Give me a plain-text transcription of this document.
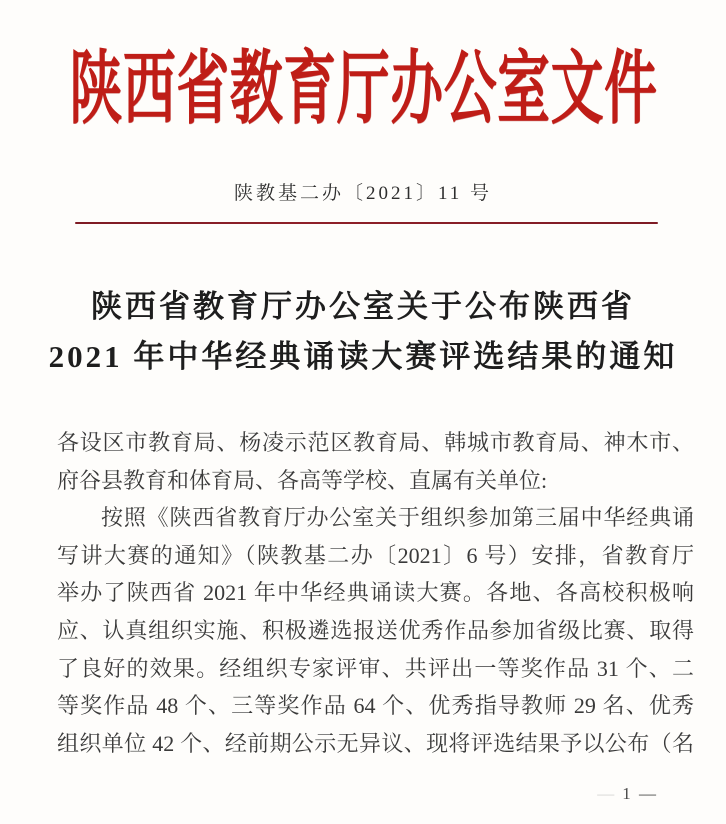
陕西省教育厅办公室文件
陕教基二办〔2021〕11 号
陕西省教育厅办公室关于公布陕西省
2021 年中华经典诵读大赛评选结果的通知
各设区市教育局、杨凌示范区教育局、韩城市教育局、神木市、
府谷县教育和体育局、各高等学校、直属有关单位:
按照《陕西省教育厅办公室关于组织参加第三届中华经典诵
写讲大赛的通知》（陕教基二办〔2021〕6 号）安排，省教育厅
举办了陕西省 2021 年中华经典诵读大赛。各地、各高校积极响
应、认真组织实施、积极遴选报送优秀作品参加省级比赛、取得
了良好的效果。经组织专家评审、共评出一等奖作品 31 个、二
等奖作品 48 个、三等奖作品 64 个、优秀指导教师 29 名、优秀
组织单位 42 个、经前期公示无异议、现将评选结果予以公布（名
— 1 —
